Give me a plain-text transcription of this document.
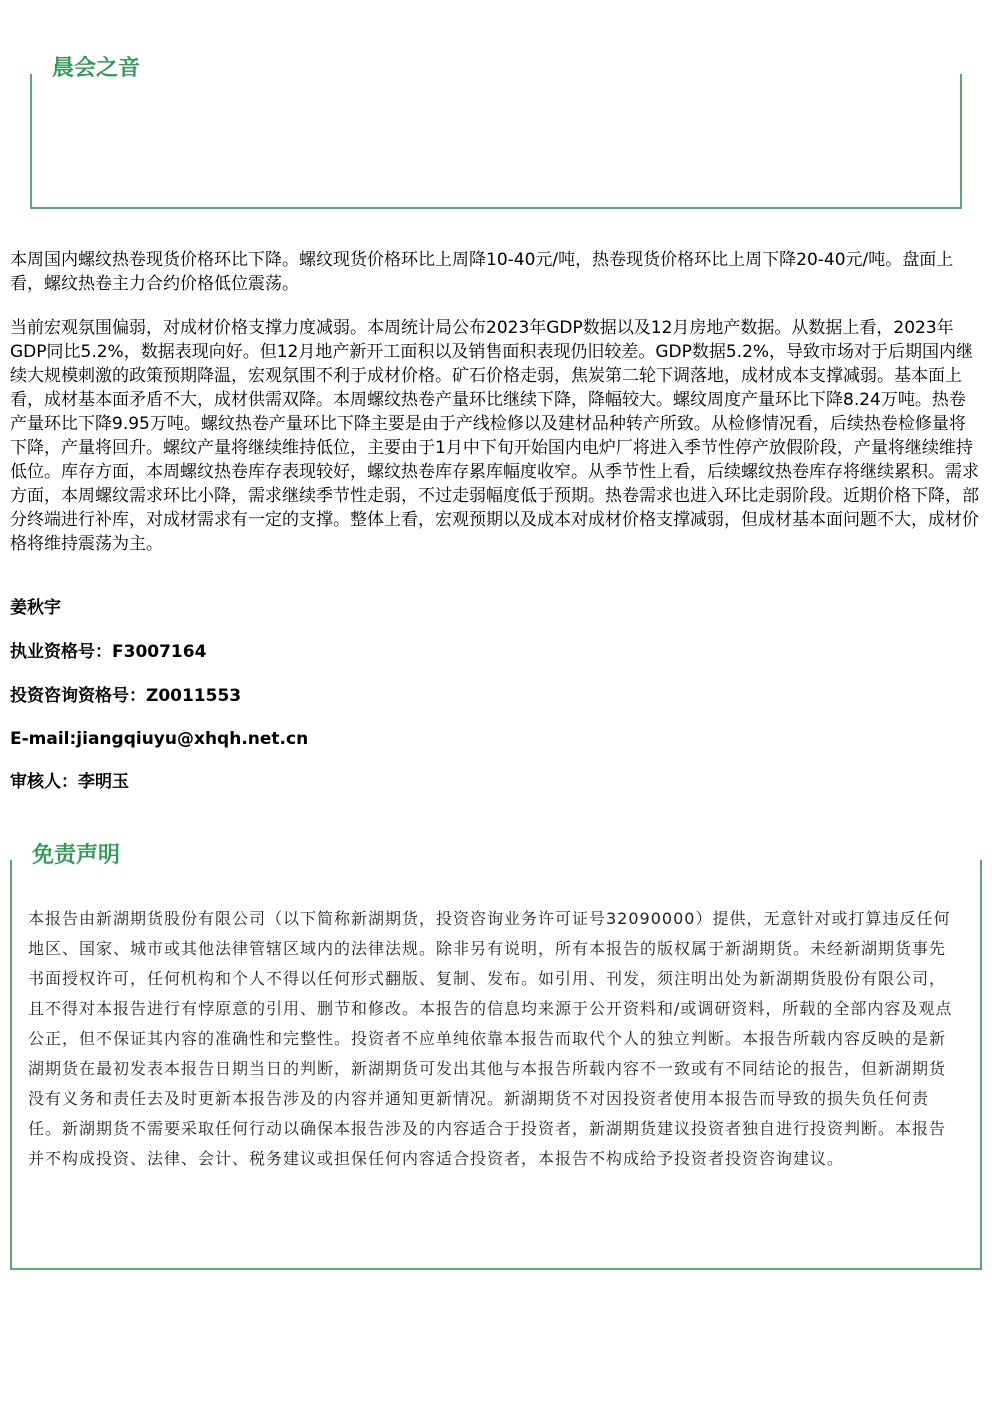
晨会之音

本周国内螺纹热卷现货价格环比下降。螺纹现货价格环比上周降10-40元/吨，热卷现货价格环比上周下降20-40元/吨。盘面上看，螺纹热卷主力合约价格低位震荡。

当前宏观氛围偏弱，对成材价格支撑力度减弱。本周统计局公布2023年GDP数据以及12月房地产数据。从数据上看，2023年GDP同比5.2%，数据表现向好。但12月地产新开工面积以及销售面积表现仍旧较差。GDP数据5.2%，导致市场对于后期国内继续大规模刺激的政策预期降温，宏观氛围不利于成材价格。矿石价格走弱，焦炭第二轮下调落地，成材成本支撑减弱。基本面上看，成材基本面矛盾不大，成材供需双降。本周螺纹热卷产量环比继续下降，降幅较大。螺纹周度产量环比下降8.24万吨。热卷产量环比下降9.95万吨。螺纹热卷产量环比下降主要是由于产线检修以及建材品种转产所致。从检修情况看，后续热卷检修量将下降，产量将回升。螺纹产量将继续维持低位，主要由于1月中下旬开始国内电炉厂将进入季节性停产放假阶段，产量将继续维持低位。库存方面，本周螺纹热卷库存表现较好，螺纹热卷库存累库幅度收窄。从季节性上看，后续螺纹热卷库存将继续累积。需求方面，本周螺纹需求环比小降，需求继续季节性走弱，不过走弱幅度低于预期。热卷需求也进入环比走弱阶段。近期价格下降，部分终端进行补库，对成材需求有一定的支撑。整体上看，宏观预期以及成本对成材价格支撑减弱，但成材基本面问题不大，成材价格将维持震荡为主。

姜秋宇

执业资格号：F3007164

投资咨询资格号：Z0011553

E-mail:jiangqiuyu@xhqh.net.cn

审核人：李明玉

免责声明

本报告由新湖期货股份有限公司（以下简称新湖期货，投资咨询业务许可证号32090000）提供，无意针对或打算违反任何地区、国家、城市或其他法律管辖区域内的法律法规。除非另有说明，所有本报告的版权属于新湖期货。未经新湖期货事先书面授权许可，任何机构和个人不得以任何形式翻版、复制、发布。如引用、刊发，须注明出处为新湖期货股份有限公司，且不得对本报告进行有悖原意的引用、删节和修改。本报告的信息均来源于公开资料和/或调研资料，所载的全部内容及观点公正，但不保证其内容的准确性和完整性。投资者不应单纯依靠本报告而取代个人的独立判断。本报告所载内容反映的是新湖期货在最初发表本报告日期当日的判断，新湖期货可发出其他与本报告所载内容不一致或有不同结论的报告，但新湖期货没有义务和责任去及时更新本报告涉及的内容并通知更新情况。新湖期货不对因投资者使用本报告而导致的损失负任何责任。新湖期货不需要采取任何行动以确保本报告涉及的内容适合于投资者，新湖期货建议投资者独自进行投资判断。本报告并不构成投资、法律、会计、税务建议或担保任何内容适合投资者，本报告不构成给予投资者投资咨询建议。
